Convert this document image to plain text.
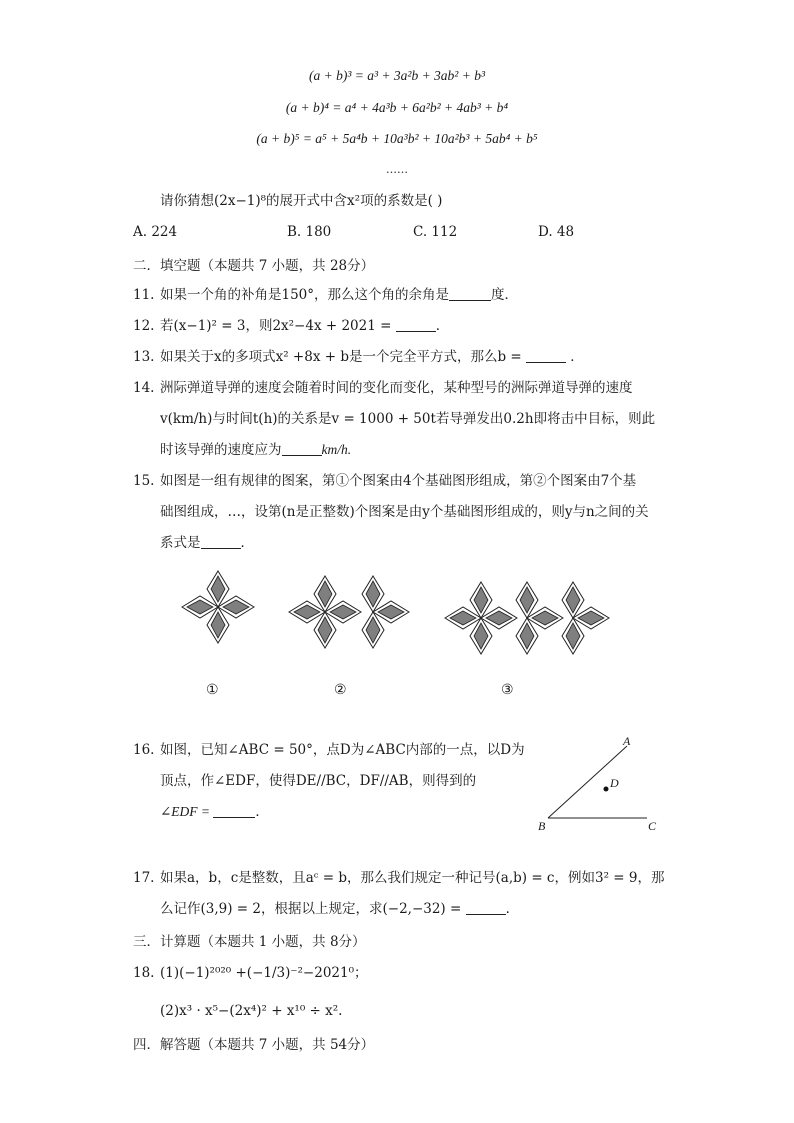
(a + b)³ = a³ + 3a²b + 3ab² + b³
(a + b)⁴ = a⁴ + 4a³b + 6a²b² + 4ab³ + b⁴
(a + b)⁵ = a⁵ + 5a⁴b + 10a³b² + 10a²b³ + 5ab⁴ + b⁵
……
请你猜想(2x−1)⁸的展开式中含x²项的系数是( )
A. 224	B. 180	C. 112	D. 48
二．填空题（本题共 7 小题，共 28分）
11. 如果一个角的补角是150°，那么这个角的余角是	度．
12. 若(x−1)² = 3，则2x²−4x + 2021 =	．
13. 如果关于x的多项式x² +8x + b是一个完全平方式，那么b =	．
14. 洲际弹道导弹的速度会随着时间的变化而变化，某种型号的洲际弹道导弹的速度
v(km/h)与时间t(h)的关系是v = 1000 + 50t若导弹发出0.2h即将击中目标，则此
时该导弹的速度应为	km/h.
15. 如图是一组有规律的图案，第①个图案由4个基础图形组成，第②个图案由7个基
础图组成，…，设第(n是正整数)个图案是由y个基础图形组成的，则y与n之间的关
系式是	．
①	②	③
16. 如图，已知∠ABC = 50°，点D为∠ABC内部的一点，以D为
顶点，作∠EDF，使得DE//BC，DF//AB，则得到的
∠EDF =	．
A
D
B	C
17. 如果a，b，c是整数，且aᶜ = b，那么我们规定一种记号(a,b) = c，例如3² = 9，那
么记作(3,9) = 2，根据以上规定，求(−2,−32) =	．
三．计算题（本题共 1 小题，共 8分）
18. (1)(−1)²⁰²⁰ +(−1/3)⁻²−2021⁰；
(2)x³ · x⁵−(2x⁴)² + x¹⁰ ÷ x².
四．解答题（本题共 7 小题，共 54分）
